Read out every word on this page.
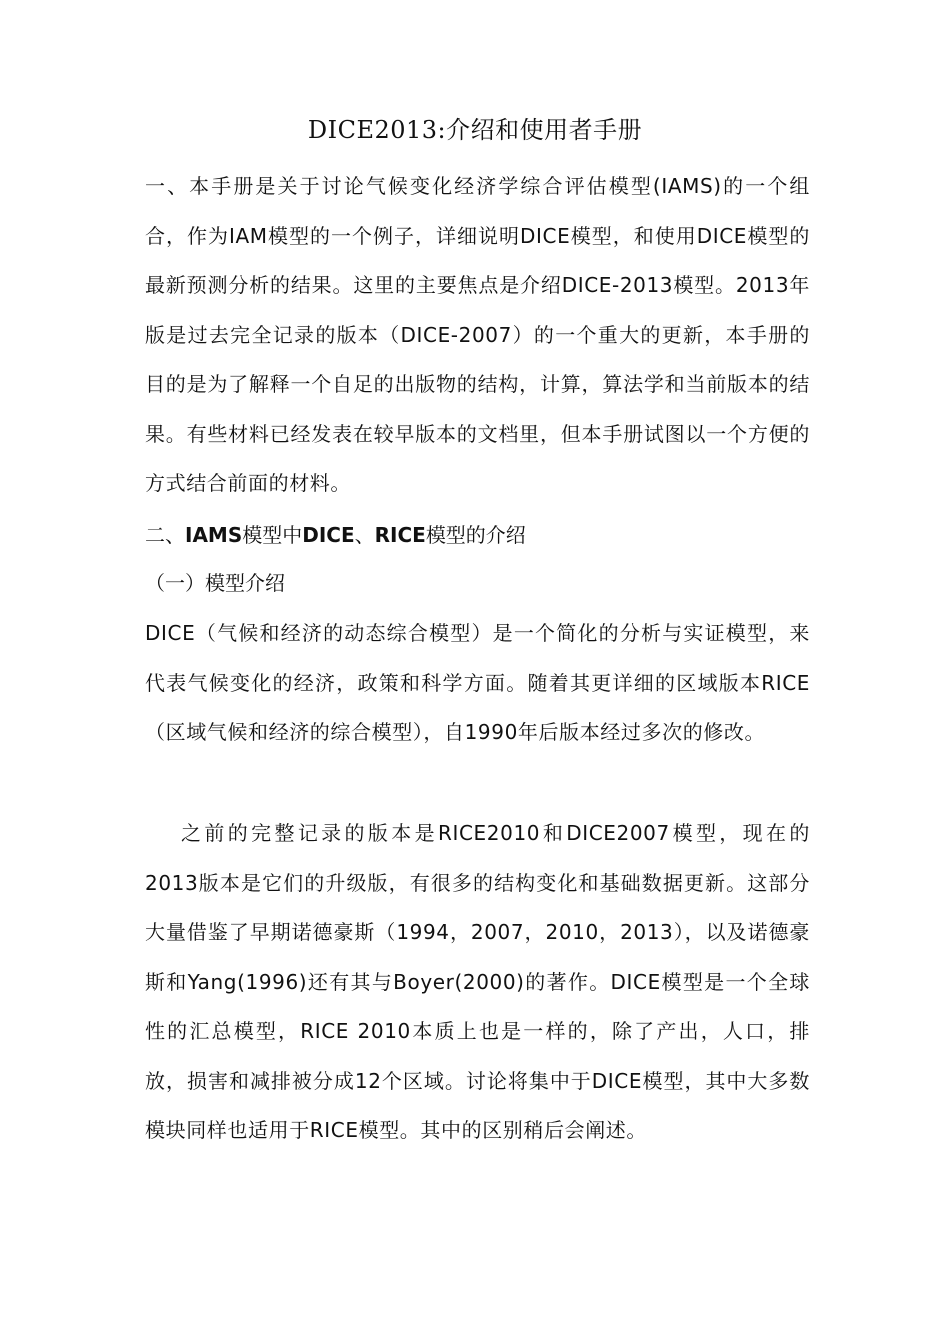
DICE2013:介绍和使用者手册

一、本手册是关于讨论气候变化经济学综合评估模型(IAMS)的一个组合，作为IAM模型的一个例子，详细说明DICE模型，和使用DICE模型的最新预测分析的结果。这里的主要焦点是介绍DICE-2013模型。2013年版是过去完全记录的版本（DICE-2007）的一个重大的更新，本手册的目的是为了解释一个自足的出版物的结构，计算，算法学和当前版本的结果。有些材料已经发表在较早版本的文档里，但本手册试图以一个方便的方式结合前面的材料。

二、IAMS模型中DICE、RICE模型的介绍

（一）模型介绍

DICE（气候和经济的动态综合模型）是一个简化的分析与实证模型，来代表气候变化的经济，政策和科学方面。随着其更详细的区域版本RICE（区域气候和经济的综合模型），自1990年后版本经过多次的修改。

之前的完整记录的版本是RICE2010和DICE2007模型，现在的2013版本是它们的升级版，有很多的结构变化和基础数据更新。这部分大量借鉴了早期诺德豪斯（1994，2007，2010，2013），以及诺德豪斯和Yang(1996)还有其与Boyer(2000)的著作。DICE模型是一个全球性的汇总模型，RICE 2010本质上也是一样的，除了产出，人口，排放，损害和减排被分成12个区域。讨论将集中于DICE模型，其中大多数模块同样也适用于RICE模型。其中的区别稍后会阐述。
